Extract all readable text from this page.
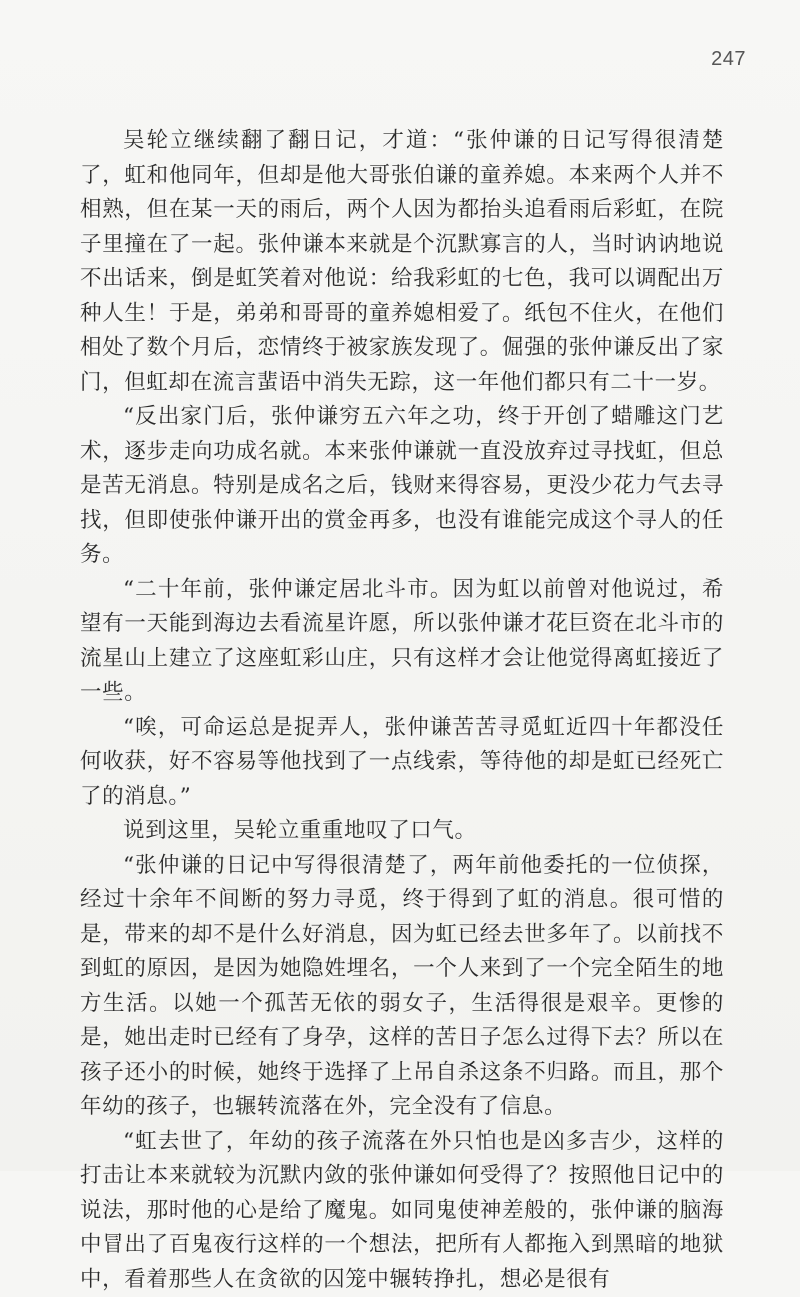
247

吴轮立继续翻了翻日记，才道：“张仲谦的日记写得很清楚了，虹和他同年，但却是他大哥张伯谦的童养媳。本来两个人并不相熟，但在某一天的雨后，两个人因为都抬头追看雨后彩虹，在院子里撞在了一起。张仲谦本来就是个沉默寡言的人，当时讷讷地说不出话来，倒是虹笑着对他说：给我彩虹的七色，我可以调配出万种人生！于是，弟弟和哥哥的童养媳相爱了。纸包不住火，在他们相处了数个月后，恋情终于被家族发现了。倔强的张仲谦反出了家门，但虹却在流言蜚语中消失无踪，这一年他们都只有二十一岁。

“反出家门后，张仲谦穷五六年之功，终于开创了蜡雕这门艺术，逐步走向功成名就。本来张仲谦就一直没放弃过寻找虹，但总是苦无消息。特别是成名之后，钱财来得容易，更没少花力气去寻找，但即使张仲谦开出的赏金再多，也没有谁能完成这个寻人的任务。

“二十年前，张仲谦定居北斗市。因为虹以前曾对他说过，希望有一天能到海边去看流星许愿，所以张仲谦才花巨资在北斗市的流星山上建立了这座虹彩山庄，只有这样才会让他觉得离虹接近了一些。

“唉，可命运总是捉弄人，张仲谦苦苦寻觅虹近四十年都没任何收获，好不容易等他找到了一点线索，等待他的却是虹已经死亡了的消息。”

说到这里，吴轮立重重地叹了口气。

“张仲谦的日记中写得很清楚了，两年前他委托的一位侦探，经过十余年不间断的努力寻觅，终于得到了虹的消息。很可惜的是，带来的却不是什么好消息，因为虹已经去世多年了。以前找不到虹的原因，是因为她隐姓埋名，一个人来到了一个完全陌生的地方生活。以她一个孤苦无依的弱女子，生活得很是艰辛。更惨的是，她出走时已经有了身孕，这样的苦日子怎么过得下去？所以在孩子还小的时候，她终于选择了上吊自杀这条不归路。而且，那个年幼的孩子，也辗转流落在外，完全没有了信息。

“虹去世了，年幼的孩子流落在外只怕也是凶多吉少，这样的打击让本来就较为沉默内敛的张仲谦如何受得了？按照他日记中的说法，那时他的心是给了魔鬼。如同鬼使神差般的，张仲谦的脑海中冒出了百鬼夜行这样的一个想法，把所有人都拖入到黑暗的地狱中，看着那些人在贪欲的囚笼中辗转挣扎，想必是很有
